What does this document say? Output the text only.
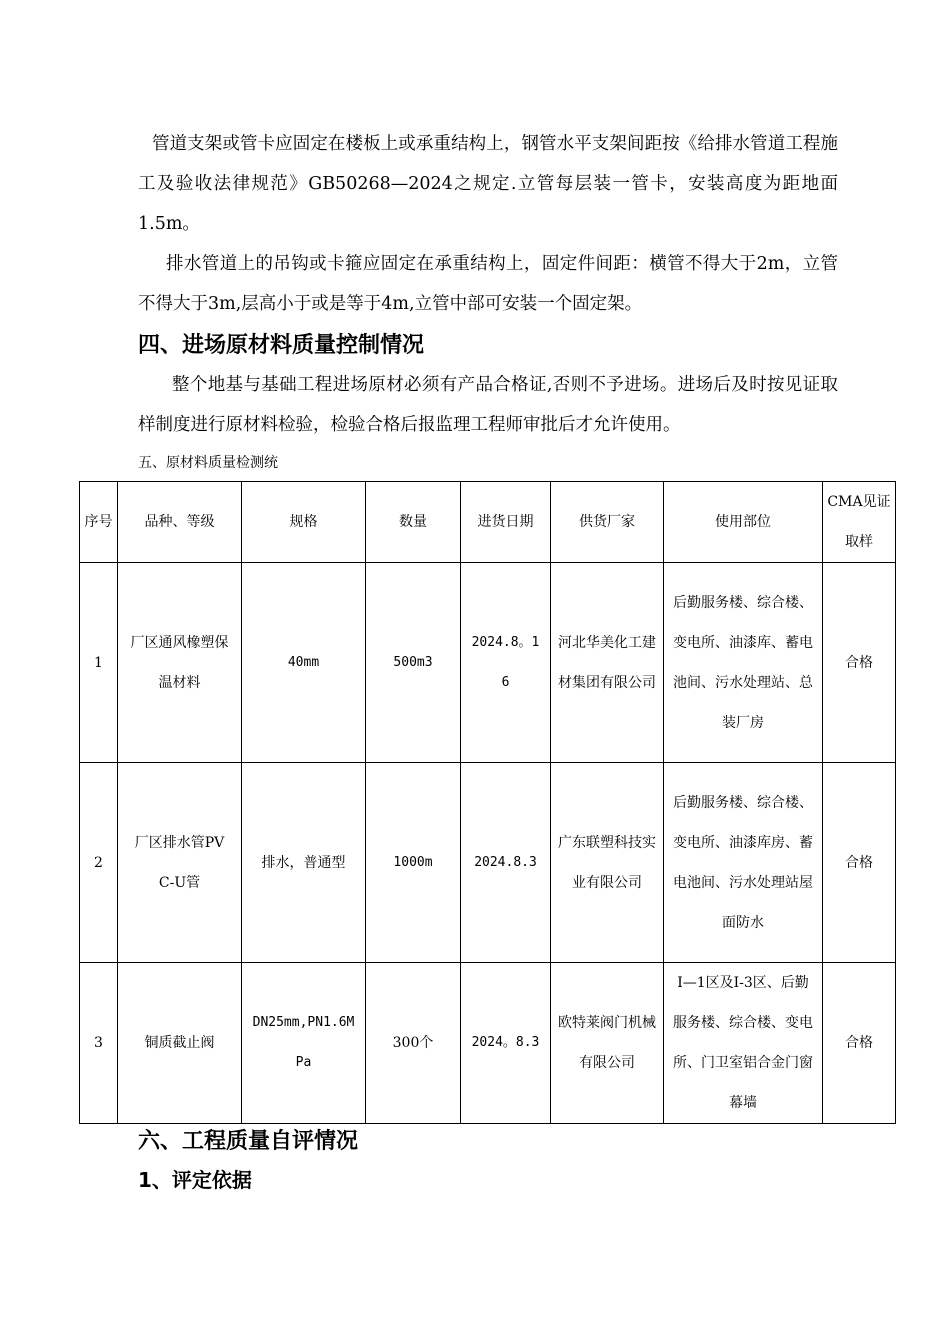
管道支架或管卡应固定在楼板上或承重结构上，钢管水平支架间距按《给排水管道工程施工及验收法律规范》GB50268—2024之规定.立管每层装一管卡，安装高度为距地面1.5m。

排水管道上的吊钩或卡箍应固定在承重结构上，固定件间距：横管不得大于2m，立管不得大于3m,层高小于或是等于4m,立管中部可安装一个固定架。

四、进场原材料质量控制情况

整个地基与基础工程进场原材必须有产品合格证,否则不予进场。进场后及时按见证取样制度进行原材料检验，检验合格后报监理工程师审批后才允许使用。

五、原材料质量检测统

序号	品种、等级	规格	数量	进货日期	供货厂家	使用部位	CMA见证取样
1	厂区通风橡塑保温材料	40mm	500m3	2024.8。16	河北华美化工建材集团有限公司	后勤服务楼、综合楼、变电所、油漆库、蓄电池间、污水处理站、总装厂房	合格
2	厂区排水管PVC-U管	排水，普通型	1000m	2024.8.3	广东联塑科技实业有限公司	后勤服务楼、综合楼、变电所、油漆库房、蓄电池间、污水处理站屋面防水	合格
3	铜质截止阀	DN25mm,PN1.6MPa	300个	2024。8.3	欧特莱阀门机械有限公司	I—1区及I-3区、后勤服务楼、综合楼、变电所、门卫室铝合金门窗幕墙	合格
六、工程质量自评情况
1、评定依据
